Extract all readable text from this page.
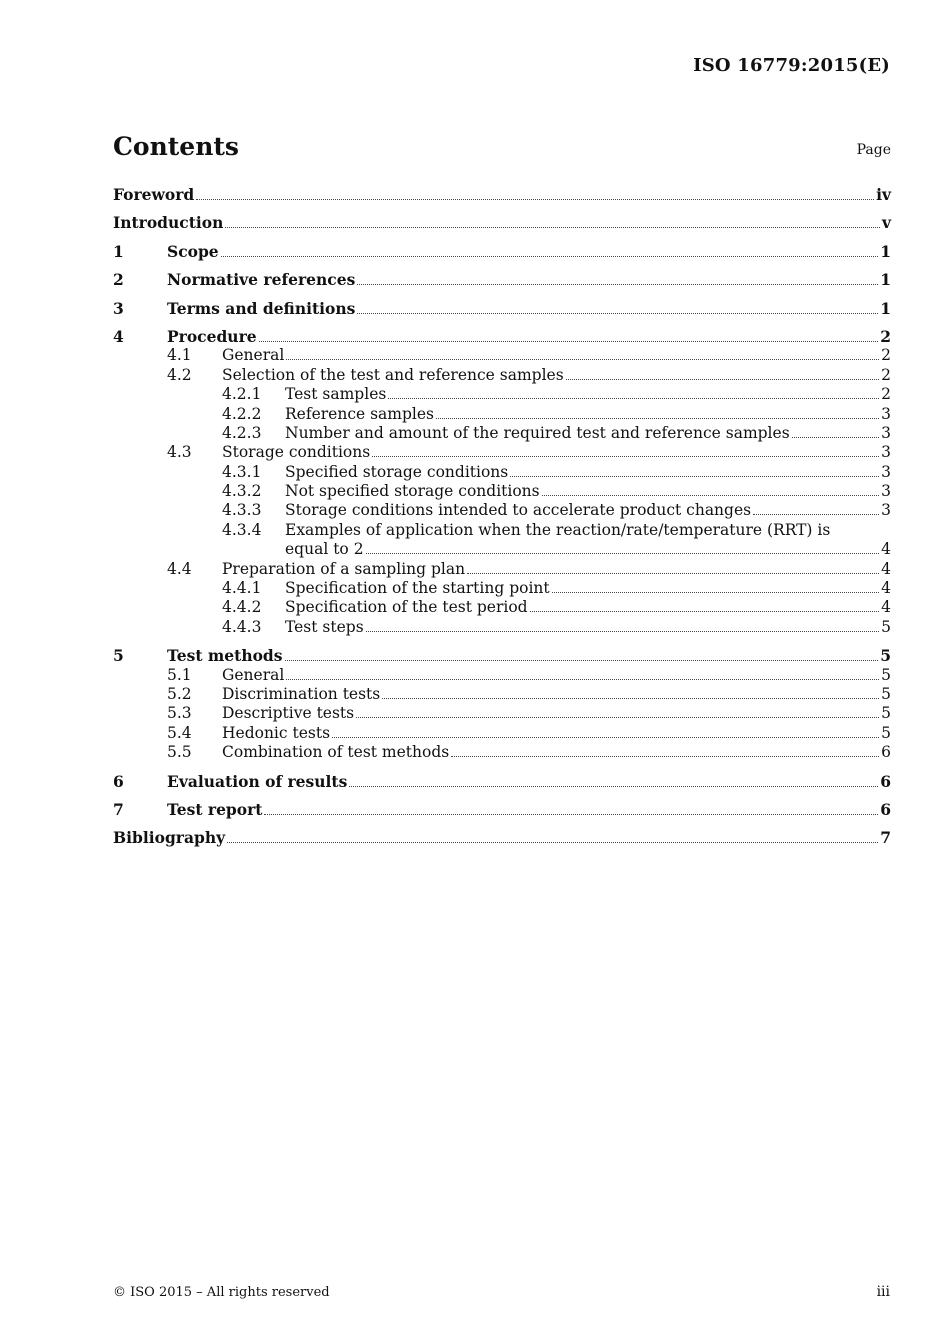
ISO 16779:2015(E)
Contents	Page
Foreword	iv
Introduction	v
1	Scope	1
2	Normative references	1
3	Terms and definitions	1
4	Procedure	2
4.1 General	2
4.2 Selection of the test and reference samples	2
4.2.1 Test samples	2
4.2.2 Reference samples	3
4.2.3 Number and amount of the required test and reference samples	3
4.3 Storage conditions	3
4.3.1 Specified storage conditions	3
4.3.2 Not specified storage conditions	3
4.3.3 Storage conditions intended to accelerate product changes	3
4.3.4 Examples of application when the reaction/rate/temperature (RRT) is
equal to 2	4
4.4 Preparation of a sampling plan	4
4.4.1 Specification of the starting point	4
4.4.2 Specification of the test period	4
4.4.3 Test steps	5
5	Test methods	5
5.1 General	5
5.2 Discrimination tests	5
5.3 Descriptive tests	5
5.4 Hedonic tests	5
5.5 Combination of test methods	6
6	Evaluation of results	6
7	Test report	6
Bibliography	7
© ISO 2015 – All rights reserved	iii
